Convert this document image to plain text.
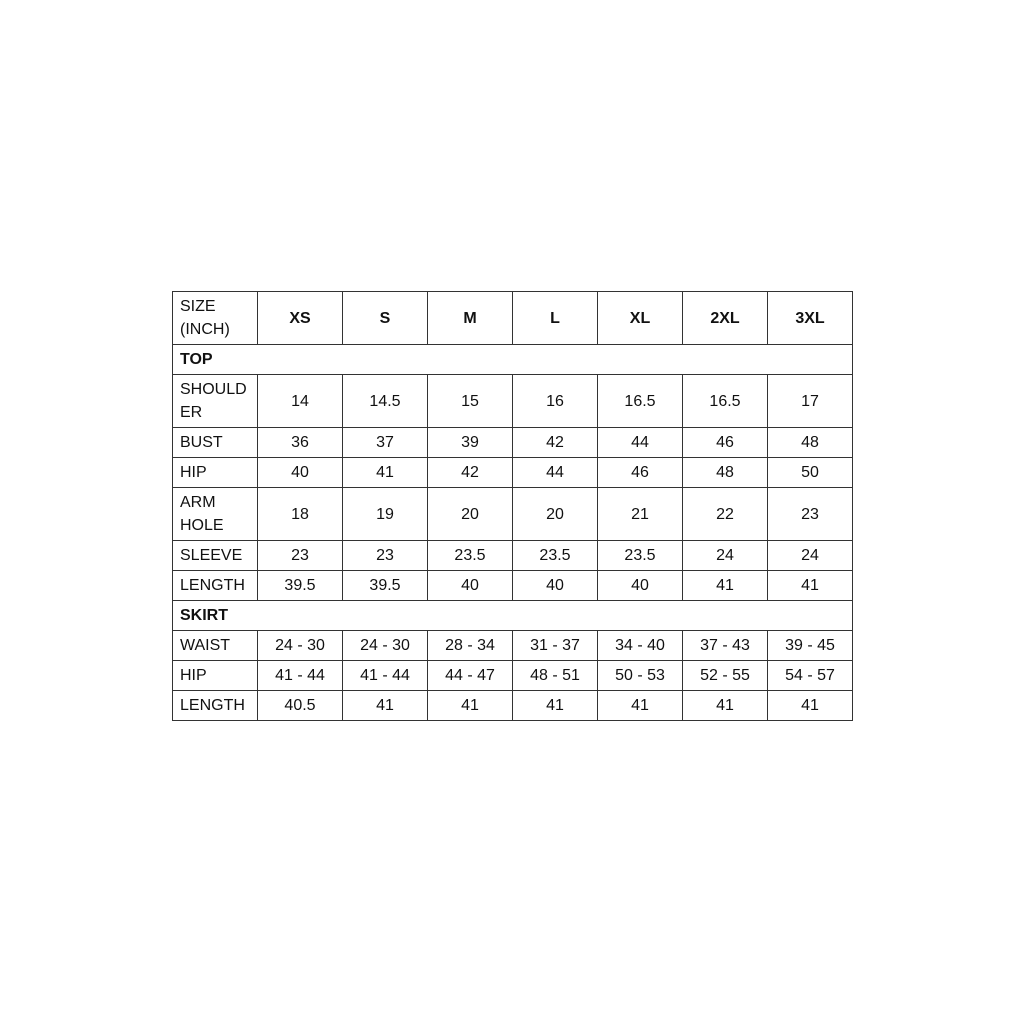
SIZE
(INCH)	XS	S	M	L	XL	2XL	3XL
TOP							
SHOULD
ER	14	14.5	15	16	16.5	16.5	17
BUST	36	37	39	42	44	46	48
HIP	40	41	42	44	46	48	50
ARM
HOLE	18	19	20	20	21	22	23
SLEEVE	23	23	23.5	23.5	23.5	24	24
LENGTH	39.5	39.5	40	40	40	41	41
SKIRT							
WAIST	24 - 30	24 - 30	28 - 34	31 - 37	34 - 40	37 - 43	39 - 45
HIP	41 - 44	41 - 44	44 - 47	48 - 51	50 - 53	52 - 55	54 - 57
LENGTH	40.5	41	41	41	41	41	41
